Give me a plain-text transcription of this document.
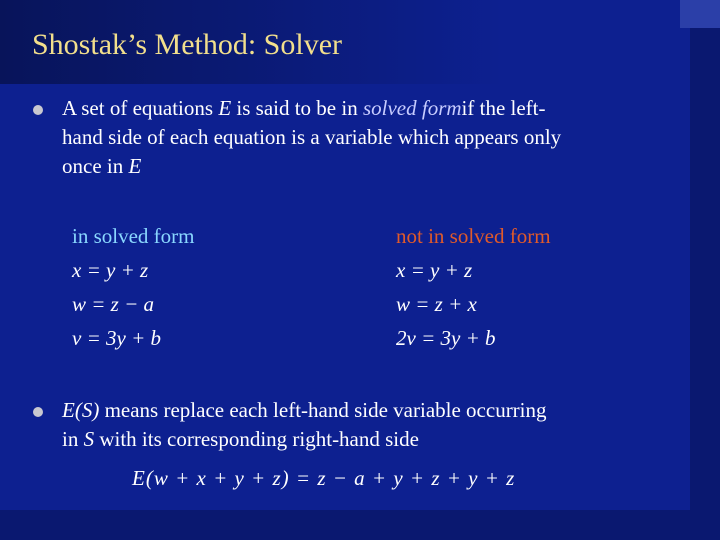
Shostak’s Method: Solver
A set of equations E is said to be in solved formif the left-
hand side of each equation is a variable which appears only
once in E
in solved form
x = y + z
w = z − a
v = 3y + b
not in solved form
x = y + z
w = z + x
2v = 3y + b
E(S) means replace each left-hand side variable occurring
in S with its corresponding right-hand side
E(w + x + y + z) = z − a + y + z + y + z
